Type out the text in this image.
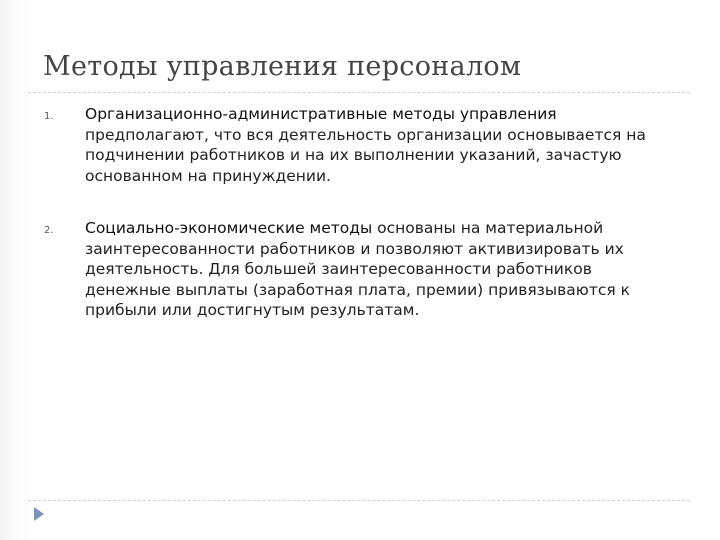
Методы управления персоналом
1. Организационно-административные методы управления предполагают, что вся деятельность организации основывается на подчинении работников и на их выполнении указаний, зачастую основанном на принуждении.
2. Социально-экономические методы основаны на материальной заинтересованности работников и позволяют активизировать их деятельность. Для большей заинтересованности работников денежные выплаты (заработная плата, премии) привязываются к прибыли или достигнутым результатам.
